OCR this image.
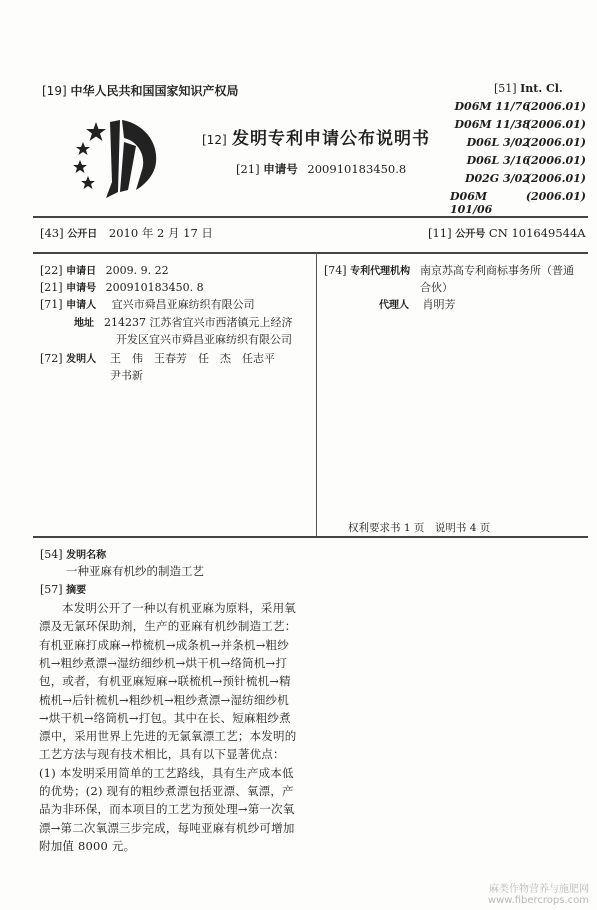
[19] 中华人民共和国国家知识产权局
[12] 发明专利申请公布说明书
[21] 申请号 200910183450.8
[51] Int. Cl.
D06M 11/76
(2006.01)
D06M 11/38
(2006.01)
D06L 3/02
(2006.01)
D06L 3/16
(2006.01)
D02G 3/02
(2006.01)
D06M 101/06
(2006.01)
[43] 公开日 2010 年 2 月 17 日	[11] 公开号 CN 101649544A
[22] 申请日 2009. 9. 22
[21] 申请号 200910183450. 8
[71] 申请人 宜兴市舜昌亚麻纺织有限公司
地址 214237 江苏省宜兴市西渚镇元上经济
开发区宜兴市舜昌亚麻纺织有限公司
[72] 发明人 王　伟　王春芳　任　杰　任志平
尹书新
[74] 专利代理机构 南京苏高专利商标事务所（普通
合伙）
代理人 肖明芳
权利要求书 1 页　说明书 4 页
[54] 发明名称
一种亚麻有机纱的制造工艺
[57] 摘要
本发明公开了一种以有机亚麻为原料，采用氧
漂及无氯环保助剂，生产的亚麻有机纱制造工艺：
有机亚麻打成麻→栉梳机→成条机→并条机→粗纱
机→粗纱煮漂→湿纺细纱机→烘干机→络筒机→打
包，或者，有机亚麻短麻→联梳机→预针梳机→精
梳机→后针梳机→粗纱机→粗纱煮漂→湿纺细纱机
→烘干机→络筒机→打包。其中在长、短麻粗纱煮
漂中，采用世界上先进的无氯氧漂工艺；本发明的
工艺方法与现有技术相比，具有以下显著优点：
(1) 本发明采用简单的工艺路线，具有生产成本低
的优势；(2) 现有的粗纱煮漂包括亚漂、氧漂，产
品为非环保，而本项目的工艺为预处理→第一次氧
漂→第二次氧漂三步完成，每吨亚麻有机纱可增加
附加值 8000 元。
麻类作物营养与施肥网
www.fibercrops.com
